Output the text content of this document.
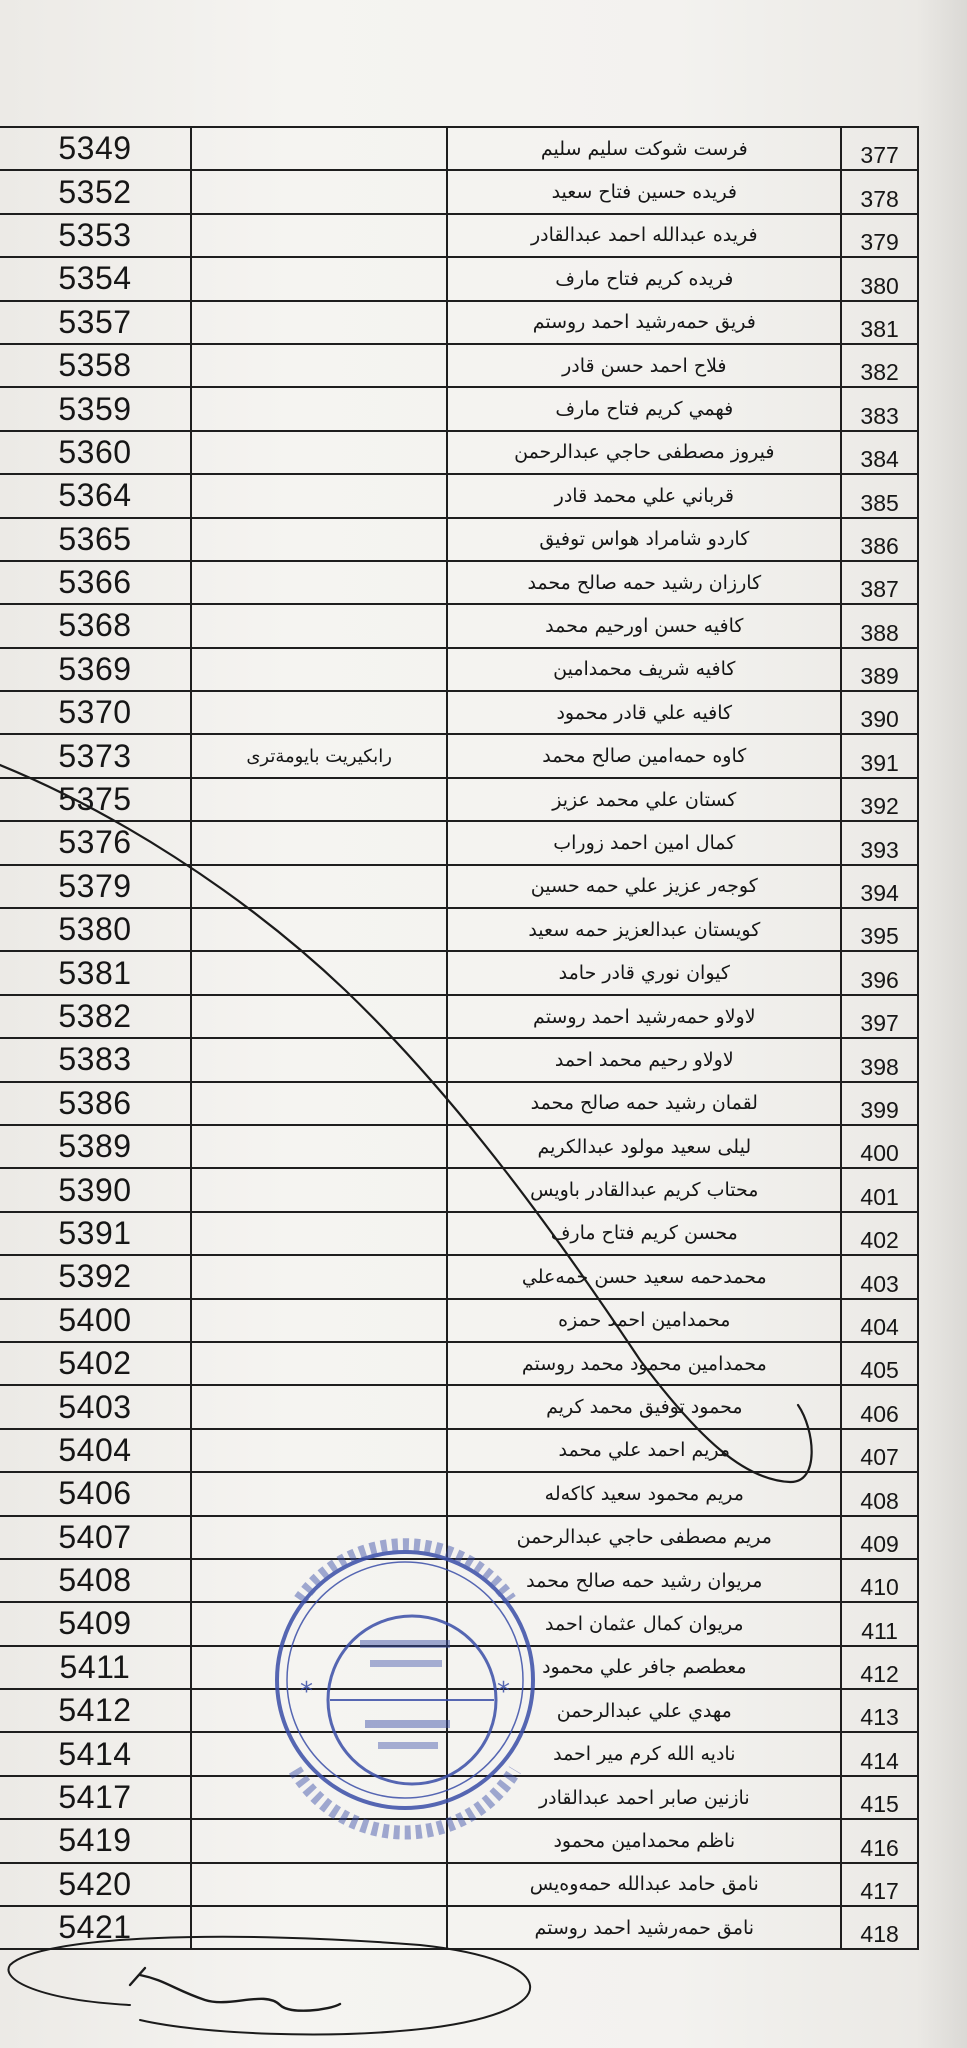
5349		فرست شوكت سليم سليم	377
5352		فريده حسين فتاح سعيد	378
5353		فريده عبدالله احمد عبدالقادر	379
5354		فريده كريم فتاح مارف	380
5357		فريق حمه‌رشيد احمد روستم	381
5358		فلاح احمد حسن قادر	382
5359		فهمي كريم فتاح مارف	383
5360		فيروز مصطفى حاجي عبدالرحمن	384
5364		قرباني علي محمد قادر	385
5365		كاردو شامراد هواس توفيق	386
5366		كارزان رشيد حمه صالح محمد	387
5368		كافيه حسن اورحيم محمد	388
5369		كافيه شريف محمدامين	389
5370		كافيه علي قادر محمود	390
5373	رابكيريت بايومةترى	كاوه حمه‌امين صالح محمد	391
5375		كستان علي محمد عزيز	392
5376		كمال امين احمد زوراب	393
5379		كوجەر عزيز علي حمه حسين	394
5380		كويستان عبدالعزيز حمه سعيد	395
5381		كيوان نوري قادر حامد	396
5382		لاولاو حمه‌رشيد احمد روستم	397
5383		لاولاو رحيم محمد احمد	398
5386		لقمان رشيد حمه صالح محمد	399
5389		ليلى سعيد مولود عبدالكريم	400
5390		محتاب كريم عبدالقادر باويس	401
5391		محسن كريم فتاح مارف	402
5392		محمدحمه سعيد حسن حمه‌علي	403
5400		محمدامين احمد حمزه	404
5402		محمدامين محمود محمد روستم	405
5403		محمود توفيق محمد كريم	406
5404		مريم احمد علي محمد	407
5406		مريم محمود سعيد كاكه‌له	408
5407		مريم مصطفى حاجي عبدالرحمن	409
5408		مريوان رشيد حمه صالح محمد	410
5409		مريوان كمال عثمان احمد	411
5411		معطصم جافر علي محمود	412
5412		مهدي علي عبدالرحمن	413
5414		ناديه الله كرم مير احمد	414
5417		نازنين صابر احمد عبدالقادر	415
5419		ناظم محمدامين محمود	416
5420		نامق حامد عبدالله حمه‌وه‌يس	417
5421		نامق حمه‌رشيد احمد روستم	418
*	*
